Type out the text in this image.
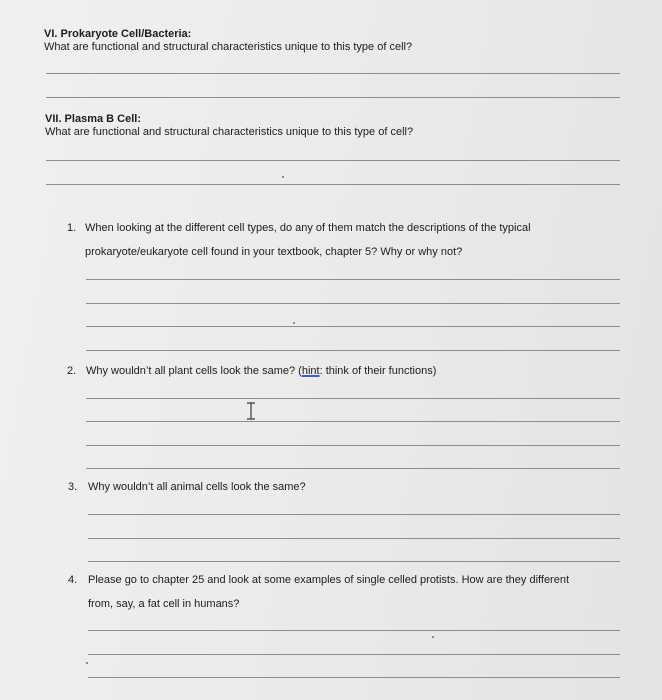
VI. Prokaryote Cell/Bacteria:
What are functional and structural characteristics unique to this type of cell?
VII. Plasma B Cell:
What are functional and structural characteristics unique to this type of cell?
1. When looking at the different cell types, do any of them match the descriptions of the typical
prokaryote/eukaryote cell found in your textbook, chapter 5? Why or why not?
2. Why wouldn’t all plant cells look the same? (hint: think of their functions)
3. Why wouldn’t all animal cells look the same?
4. Please go to chapter 25 and look at some examples of single celled protists. How are they different
from, say, a fat cell in humans?
